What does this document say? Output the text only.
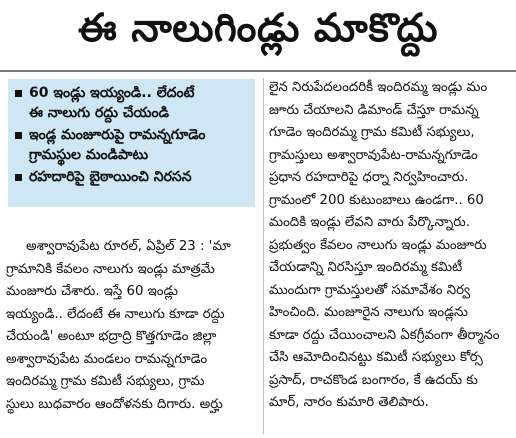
ఈ నాలుగిండ్లు మాకొద్దు
60 ఇండ్లు ఇయ్యండి.. లేదంటే
ఈ నాలుగు రద్దు చేయండి
ఇండ్ల మంజూరుపై రామన్నగూడెం
గ్రామస్థుల మండిపాటు
రహదారిపై బైఠాయించి నిరసన
అశ్వారావుపేట రూరల్, ఏప్రిల్ 23 : 'మా
గ్రామానికి కేవలం నాలుగు ఇండ్లు మాత్రమే
మంజూరు చేశారు. ఇస్తే 60 ఇండ్లు
ఇయ్యండి.. లేదంటే ఈ నాలుగు కూడా రద్దు
చేయండి' అంటూ భద్రాద్రి కొత్తగూడెం జిల్లా
అశ్వారావుపేట మండలం రామన్నగూడెం
ఇందిరమ్మ గ్రామ కమిటీ సభ్యులు, గ్రామ
స్థులు బుధవారం ఆందోళనకు దిగారు. అర్హు
లైన నిరుపేదలందరికీ ఇందిరమ్మ ఇండ్లు మం
జూరు చేయాలని డిమాండ్ చేస్తూ రామన్న
గూడెం ఇందిరమ్మ గ్రామ కమిటీ సభ్యులు,
గ్రామస్తులు అశ్వారావుపేట-రామన్నగూడెం
ప్రధాన రహదారిపై ధర్నా నిర్వహించారు.
గ్రామంలో 200 కుటుంబాలు ఉండగా.. 60
మందికి ఇండ్లు లేవని వారు పేర్కొన్నారు.
ప్రభుత్వం కేవలం నాలుగు ఇండ్లు మంజూరు
చేయడాన్ని నిరసిస్తూ ఇందిరమ్మ కమిటీ
ముందుగా గ్రామస్తులతో సమావేశం నిర్వ
హించింది. మంజూరైన నాలుగు ఇండ్లను
కూడా రద్దు చేయించాలని ఏకగ్రీవంగా తీర్మానం
చేసి ఆమోదించినట్టు కమిటీ సభ్యులు కోర్స
ప్రసాద్, రాచకొండ బంగారం, కే ఉదయ్ కు
మార్, నారం కుమారి తెలిపారు.
